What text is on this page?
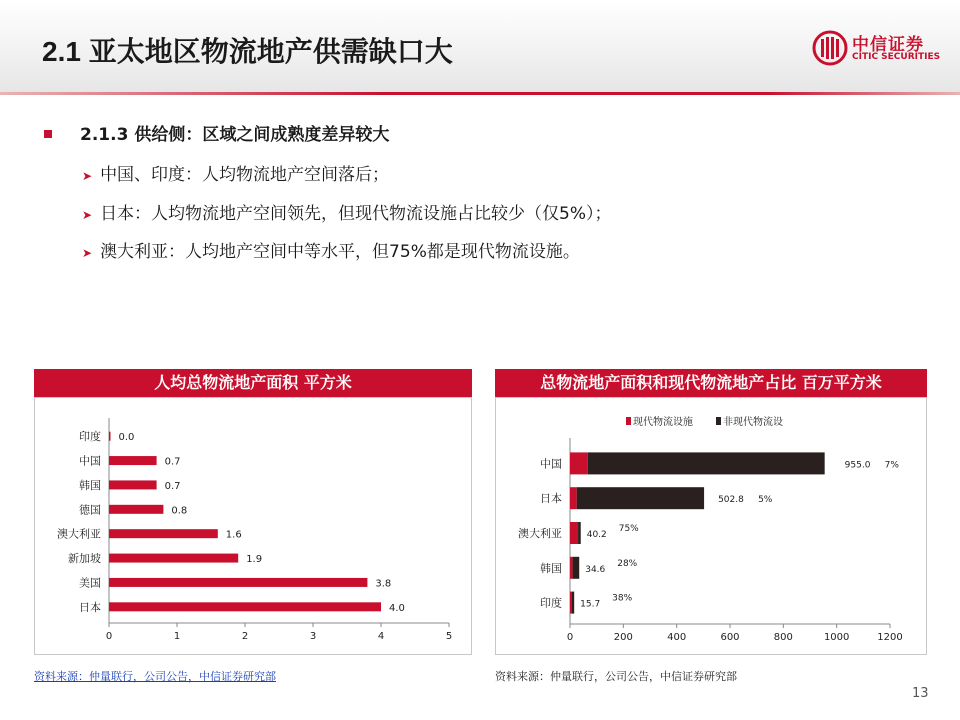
2.1 亚太地区物流地产供需缺口大	中信证券
CITIC SECURITIES
2.1.3 供给侧：区域之间成熟度差异较大
➤ 中国、印度：人均物流地产空间落后；
➤ 日本：人均物流地产空间领先，但现代物流设施占比较少（仅5%）；
➤ 澳大利亚：人均地产空间中等水平，但75%都是现代物流设施。
人均总物流地产面积 平方米
0	1	2	3	4	5
印度 0.0
中国	0.7
韩国	0.7
德国	0.8
澳大利亚	1.6
新加坡	1.9
美国	3.8
日本	4.0
资料来源：仲量联行，公司公告，中信证券研究部
总物流地产面积和现代物流地产占比 百万平方米
现代物流设施	非现代物流设
0	200	400	600	800	1000	1200
中国	955.0 7%
日本	502.8 5%
澳大利亚	40.2
75%
韩国	34.6
28%
印度 15.7
38%
资料来源：仲量联行，公司公告，中信证券研究部
13
